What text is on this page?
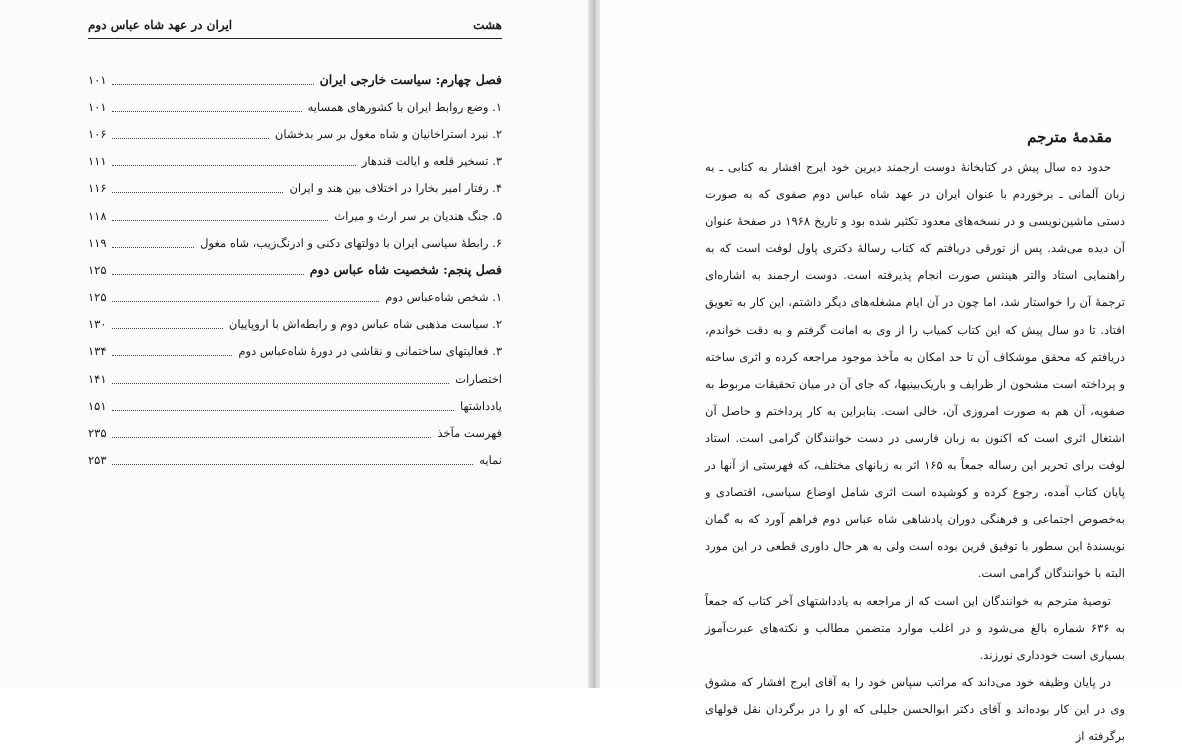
هشت
ایران در عهد شاه عباس دوم
فصل چهارم: سیاست خارجی ایران
۱۰۱
۱. وضع روابط ایران با کشورهای همسایه
۱۰۱
۲. نبرد استراخانیان و شاه مغول بر سر بدخشان
۱۰۶
۳. تسخیر قلعه و ایالت قندهار
۱۱۱
۴. رفتار امیر بخارا در اختلاف بین هند و ایران
۱۱۶
۵. جنگ هندیان بر سر ارث و میراث
۱۱۸
۶. رابطهٔ سیاسی ایران با دولتهای دکنی و ادرنگ‌زیب، شاه مغول
۱۱۹
فصل پنجم: شخصیت شاه عباس دوم
۱۲۵
۱. شخص شاه‌عباس دوم
۱۲۵
۲. سیاست مذهبی شاه عباس دوم و رابطه‌اش با اروپاییان
۱۳۰
۳. فعالیتهای ساختمانی و نقاشی در دورهٔ شاه‌عباس دوم
۱۳۴
اختصارات
۱۴۱
یادداشتها
۱۵۱
فهرست مآخذ
۲۳۵
نمایه
۲۵۳
مقدمهٔ مترجم

حدود ده سال پیش در کتابخانهٔ دوست ارجمند دیرین خود ایرج افشار به کتابی ـ به زبان آلمانی ـ برخوردم با عنوان ایران در عهد شاه عباس دوم صفوی که به صورت دستی ماشین‌نویسی و در نسخه‌های معدود تکثیر شده بود و تاریخ ۱۹۶۸ در صفحهٔ عنوان آن دیده می‌شد. پس از تورقی دریافتم که کتاب رسالهٔ دکتری پاول لوفت است که به راهنمایی استاد والتر هینتس صورت انجام پذیرفته است. دوست ارجمند به اشاره‌ای ترجمهٔ آن را خواستار شد، اما چون در آن ایام مشغله‌های دیگر داشتم، این کار به تعویق افتاد. تا دو سال پیش که این کتاب کمیاب را از وی به امانت گرفتم و به دقت خواندم، دریافتم که محقق موشکاف آن تا حد امکان به مآخذ موجود مراجعه کرده و اثری ساخته و پرداخته است مشحون از ظرایف و باریک‌بینیها، که جای آن در میان تحقیقات مربوط به صفویه، آن هم به صورت امروزی آن، خالی است. بنابراین به کار پرداختم و حاصل آن اشتغال اثری است که اکنون به زبان فارسی در دست خوانندگان گرامی است. استاد لوفت برای تحریر این رساله جمعاً به ۱۶۵ اثر به زبانهای مختلف، که فهرستی از آنها در پایان کتاب آمده، رجوع کرده و کوشیده است اثری شامل اوضاع سیاسی، اقتصادی و به‌خصوص اجتماعی و فرهنگی دوران پادشاهی شاه عباس دوم فراهم آورد که به گمان نویسندهٔ این سطور با توفیق قرین بوده است ولی به هر حال داوری قطعی در این مورد البته با خوانندگان گرامی است.

توصیهٔ مترجم به خوانندگان این است که از مراجعه به یادداشتهای آخر کتاب که جمعاً به ۶۳۶ شماره بالغ می‌شود و در اغلب موارد متضمن مطالب و نکته‌های عبرت‌آموز بسیاری است خودداری نورزند.

در پایان وظیفه خود می‌داند که مراتب سپاس خود را به آقای ایرج افشار که مشوق وی در این کار بوده‌اند و آقای دکتر ابوالحسن جلیلی که او را در برگردان نقل قولهای برگرفته از
